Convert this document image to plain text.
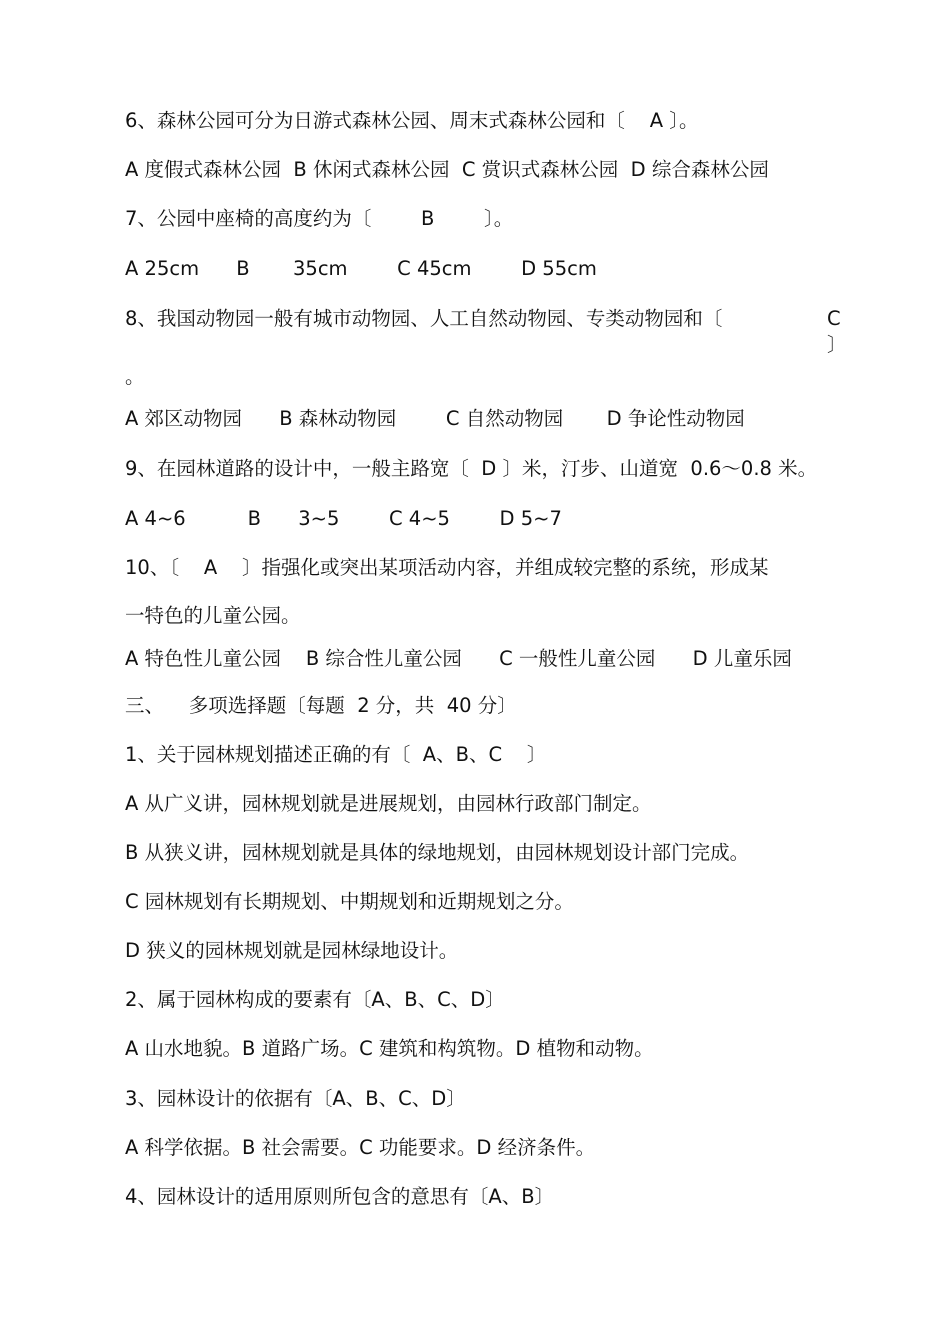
6、森林公园可分为日游式森林公园、周末式森林公园和〔    A 〕。
A 度假式森林公园  B 休闲式森林公园  C 赏识式森林公园  D 综合森林公园
7、公园中座椅的高度约为〔        B        〕。
A 25cm      B       35cm        C 45cm        D 55cm
8、我国动物园一般有城市动物园、人工自然动物园、专类动物园和〔	C
〕
。
A 郊区动物园      B 森林动物园        C 自然动物园       D 争论性动物园
9、在园林道路的设计中，一般主路宽〔  D 〕米，汀步、山道宽  0.6～0.8 米。
A 4~6          B      3~5        C 4~5        D 5~7
10、〔    A    〕指强化或突出某项活动内容，并组成较完整的系统，形成某
一特色的儿童公园。
A 特色性儿童公园    B 综合性儿童公园      C 一般性儿童公园      D 儿童乐园
三、    多项选择题〔每题  2 分，共  40 分〕
1、关于园林规划描述正确的有〔  A、B、C    〕
A 从广义讲，园林规划就是进展规划，由园林行政部门制定。
B 从狭义讲，园林规划就是具体的绿地规划，由园林规划设计部门完成。
C 园林规划有长期规划、中期规划和近期规划之分。
D 狭义的园林规划就是园林绿地设计。
2、属于园林构成的要素有〔A、B、C、D〕
A 山水地貌。B 道路广场。C 建筑和构筑物。D 植物和动物。
3、园林设计的依据有〔A、B、C、D〕
A 科学依据。B 社会需要。C 功能要求。D 经济条件。
4、园林设计的适用原则所包含的意思有〔A、B〕
